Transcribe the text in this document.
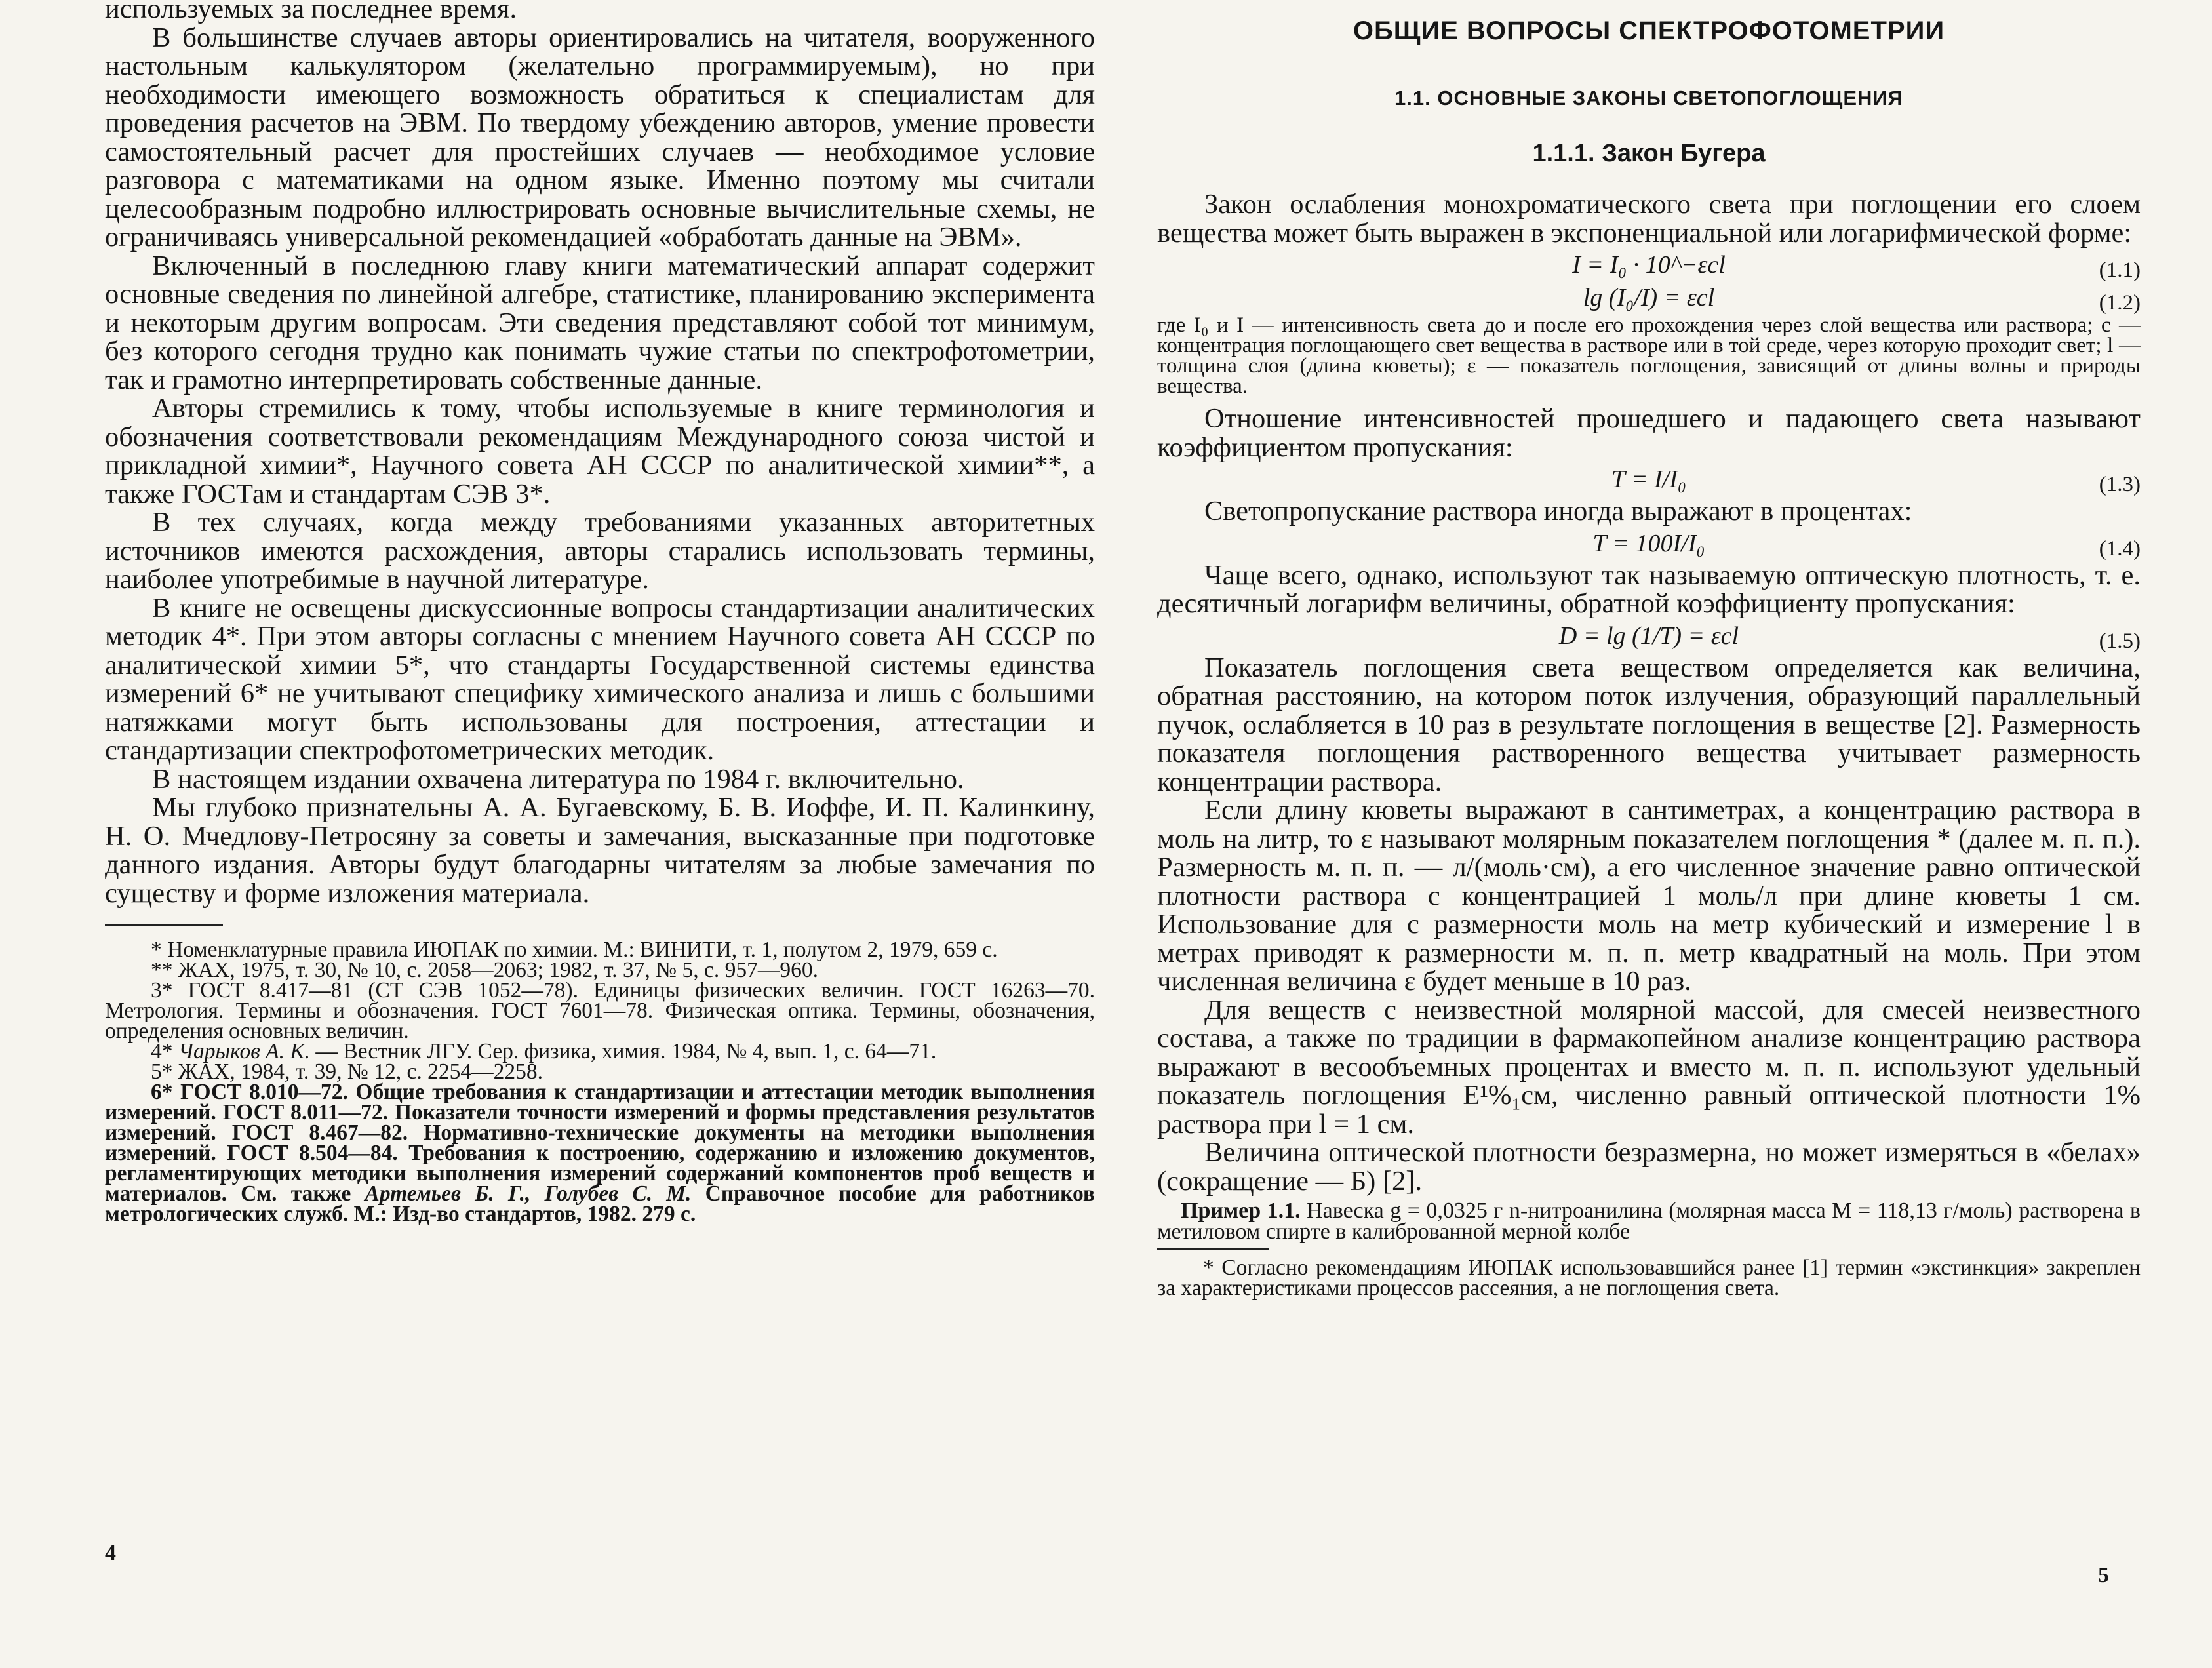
используемых за последнее время.

В большинстве случаев авторы ориентировались на читателя, вооруженного настольным калькулятором (желательно программируемым), но при необходимости имеющего возможность обратиться к специалистам для проведения расчетов на ЭВМ. По твердому убеждению авторов, умение провести самостоятельный расчет для простейших случаев — необходимое условие разговора с математиками на одном языке. Именно поэтому мы считали целесообразным подробно иллюстрировать основные вычислительные схемы, не ограничиваясь универсальной рекомендацией «обработать данные на ЭВМ».

Включенный в последнюю главу книги математический аппарат содержит основные сведения по линейной алгебре, статистике, планированию эксперимента и некоторым другим вопросам. Эти сведения представляют собой тот минимум, без которого сегодня трудно как понимать чужие статьи по спектрофотометрии, так и грамотно интерпретировать собственные данные.

Авторы стремились к тому, чтобы используемые в книге терминология и обозначения соответствовали рекомендациям Международного союза чистой и прикладной химии*, Научного совета АН СССР по аналитической химии**, а также ГОСТам и стандартам СЭВ 3*.

В тех случаях, когда между требованиями указанных авторитетных источников имеются расхождения, авторы старались использовать термины, наиболее употребимые в научной литературе.

В книге не освещены дискуссионные вопросы стандартизации аналитических методик 4*. При этом авторы согласны с мнением Научного совета АН СССР по аналитической химии 5*, что стандарты Государственной системы единства измерений 6* не учитывают специфику химического анализа и лишь с большими натяжками могут быть использованы для построения, аттестации и стандартизации спектрофотометрических методик.

В настоящем издании охвачена литература по 1984 г. включительно.

Мы глубоко признательны А. А. Бугаевскому, Б. В. Иоффе, И. П. Калинкину, Н. О. Мчедлову-Петросяну за советы и замечания, высказанные при подготовке данного издания. Авторы будут благодарны читателям за любые замечания по существу и форме изложения материала.

* Номенклатурные правила ИЮПАК по химии. М.: ВИНИТИ, т. 1, полутом 2, 1979, 659 с.

** ЖАХ, 1975, т. 30, № 10, с. 2058—2063; 1982, т. 37, № 5, с. 957—960.

3* ГОСТ 8.417—81 (СТ СЭВ 1052—78). Единицы физических величин. ГОСТ 16263—70. Метрология. Термины и обозначения. ГОСТ 7601—78. Физическая оптика. Термины, обозначения, определения основных величин.

4* Чарыков А. К. — Вестник ЛГУ. Сер. физика, химия. 1984, № 4, вып. 1, с. 64—71.

5* ЖАХ, 1984, т. 39, № 12, с. 2254—2258.

6* ГОСТ 8.010—72. Общие требования к стандартизации и аттестации методик выполнения измерений. ГОСТ 8.011—72. Показатели точности измерений и формы представления результатов измерений. ГОСТ 8.467—82. Нормативно-технические документы на методики выполнения измерений. ГОСТ 8.504—84. Требования к построению, содержанию и изложению документов, регламентирующих методики выполнения измерений содержаний компонентов проб веществ и материалов. См. также Артемьев Б. Г., Голубев С. М. Справочное пособие для работников метрологических служб. М.: Изд-во стандартов, 1982. 279 с.

4
ОБЩИЕ ВОПРОСЫ СПЕКТРОФОТОМЕТРИИ
1.1. ОСНОВНЫЕ ЗАКОНЫ СВЕТОПОГЛОЩЕНИЯ
1.1.1. Закон Бугера

Закон ослабления монохроматического света при поглощении его слоем вещества может быть выражен в экспоненциальной или логарифмической форме:

I = I₀ · 10^−εcl	(1.1)
lg (I₀/I) = εcl	(1.2)

где I₀ и I — интенсивность света до и после его прохождения через слой вещества или раствора; c — концентрация поглощающего свет вещества в растворе или в той среде, через которую проходит свет; l — толщина слоя (длина кюветы); ε — показатель поглощения, зависящий от длины волны и природы вещества.

Отношение интенсивностей прошедшего и падающего света называют коэффициентом пропускания:

T = I/I₀	(1.3)

Светопропускание раствора иногда выражают в процентах:

T = 100I/I₀	(1.4)

Чаще всего, однако, используют так называемую оптическую плотность, т. е. десятичный логарифм величины, обратной коэффициенту пропускания:

D = lg (1/T) = εcl	(1.5)

Показатель поглощения света веществом определяется как величина, обратная расстоянию, на котором поток излучения, образующий параллельный пучок, ослабляется в 10 раз в результате поглощения в веществе [2]. Размерность показателя поглощения растворенного вещества учитывает размерность концентрации раствора.

Если длину кюветы выражают в сантиметрах, а концентрацию раствора в моль на литр, то ε называют молярным показателем поглощения * (далее м. п. п.). Размерность м. п. п. — л/(моль·см), а его численное значение равно оптической плотности раствора с концентрацией 1 моль/л при длине кюветы 1 см. Использование для c размерности моль на метр кубический и измерение l в метрах приводят к размерности м. п. п. метр квадратный на моль. При этом численная величина ε будет меньше в 10 раз.

Для веществ с неизвестной молярной массой, для смесей неизвестного состава, а также по традиции в фармакопейном анализе концентрацию раствора выражают в весообъемных процентах и вместо м. п. п. используют удельный показатель поглощения E¹%₁см, численно равный оптической плотности 1% раствора при l = 1 см.

Величина оптической плотности безразмерна, но может измеряться в «белах» (сокращение — Б) [2].

Пример 1.1. Навеска g = 0,0325 г n-нитроанилина (молярная масса M = 118,13 г/моль) растворена в метиловом спирте в калиброванной мерной колбе

* Согласно рекомендациям ИЮПАК использовавшийся ранее [1] термин «экстинкция» закреплен за характеристиками процессов рассеяния, а не поглощения света.

5
